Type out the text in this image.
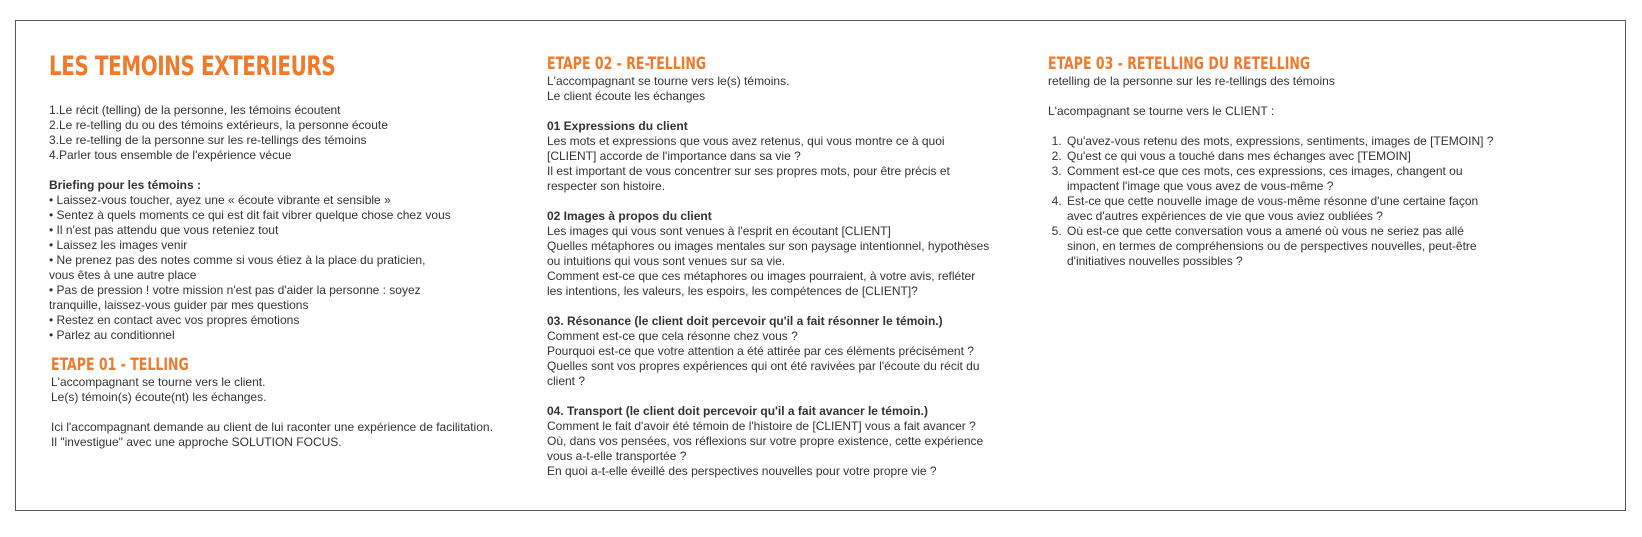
LES TEMOINS EXTERIEURS
1.Le récit (telling) de la personne, les témoins écoutent
2.Le re-telling du ou des témoins extérieurs, la personne écoute
3.Le re-telling de la personne sur les re-tellings des témoins
4.Parler tous ensemble de l'expérience vécue
Briefing pour les témoins :
• Laissez-vous toucher, ayez une « écoute vibrante et sensible »
• Sentez à quels moments ce qui est dit fait vibrer quelque chose chez vous
• Il n'est pas attendu que vous reteniez tout
• Laissez les images venir
• Ne prenez pas des notes comme si vous étiez à la place du praticien, vous êtes à une autre place
• Pas de pression ! votre mission n'est pas d'aider la personne : soyez tranquille, laissez-vous guider par mes questions
• Restez en contact avec vos propres émotions
• Parlez au conditionnel
ETAPE 01 - TELLING
L'accompagnant se tourne vers le client.
Le(s) témoin(s) écoute(nt) les échanges.
Ici l'accompagnant demande au client de lui raconter une expérience de facilitation.
Il "investigue" avec une approche SOLUTION FOCUS.
ETAPE 02 - RE-TELLING
L'accompagnant se tourne vers le(s) témoins.
Le client écoute les échanges
01 Expressions du client
Les mots et expressions que vous avez retenus, qui vous montre ce à quoi [CLIENT] accorde de l'importance dans sa vie ?
Il est important de vous concentrer sur ses propres mots, pour être précis et respecter son histoire.
02 Images à propos du client
Les images qui vous sont venues à l'esprit en écoutant [CLIENT]
Quelles métaphores ou images mentales sur son paysage intentionnel, hypothèses ou intuitions qui vous sont venues sur sa vie.
Comment est-ce que ces métaphores ou images pourraient, à votre avis, refléter les intentions, les valeurs, les espoirs, les compétences de [CLIENT]?
03. Résonance (le client doit percevoir qu'il a fait résonner le témoin.)
Comment est-ce que cela résonne chez vous ?
Pourquoi est-ce que votre attention a été attirée par ces éléments précisément ?Quelles sont vos propres expériences qui ont été ravivées par l'écoute du récit du client ?
04. Transport (le client doit percevoir qu'il a fait avancer le témoin.)
Comment le fait d'avoir été témoin de l'histoire de [CLIENT] vous a fait avancer ?
Où, dans vos pensées, vos réflexions sur votre propre existence, cette expérience vous a-t-elle transportée ?
En quoi a-t-elle éveillé des perspectives nouvelles pour votre propre vie ?
ETAPE 03 - RETELLING DU RETELLING
retelling de la personne sur les re-tellings des témoins
L'acompagnant se tourne vers le CLIENT :
1. Qu'avez-vous retenu des mots, expressions, sentiments, images de [TEMOIN] ?
2. Qu'est ce qui vous a touché dans mes échanges avec [TEMOIN]
3. Comment est-ce que ces mots, ces expressions, ces images, changent ou impactent l'image que vous avez de vous-même ?
4. Est-ce que cette nouvelle image de vous-même résonne d'une certaine façon avec d'autres expériences de vie que vous aviez oubliées ?
5. Où est-ce que cette conversation vous a amené où vous ne seriez pas allé sinon, en termes de compréhensions ou de perspectives nouvelles, peut-être d'initiatives nouvelles possibles ?
